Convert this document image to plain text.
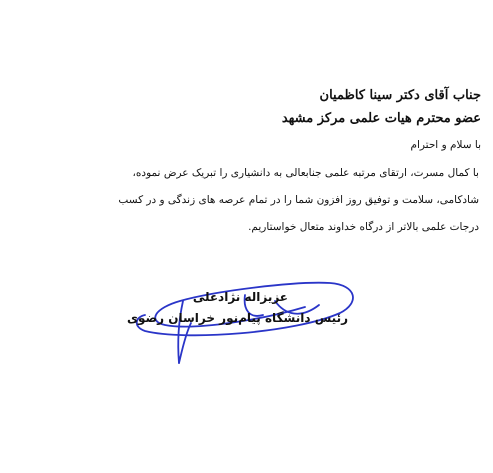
جناب آقای دکتر سینا کاظمیان
عضو محترم هیات علمی مرکز مشهد
با سلام و احترام
با کمال مسرت، ارتقای مرتبه علمی جنابعالی به دانشیاری را تبریک عرض نموده،
شادکامی، سلامت و توفیق روز افزون شما را در تمام عرصه های زندگی و در کسب
درجات علمی بالاتر از درگاه خداوند متعال خواستاریم.
عزیزاله نژادعلی
رئیس دانشگاه پیام‌نور خراسان رضوی
